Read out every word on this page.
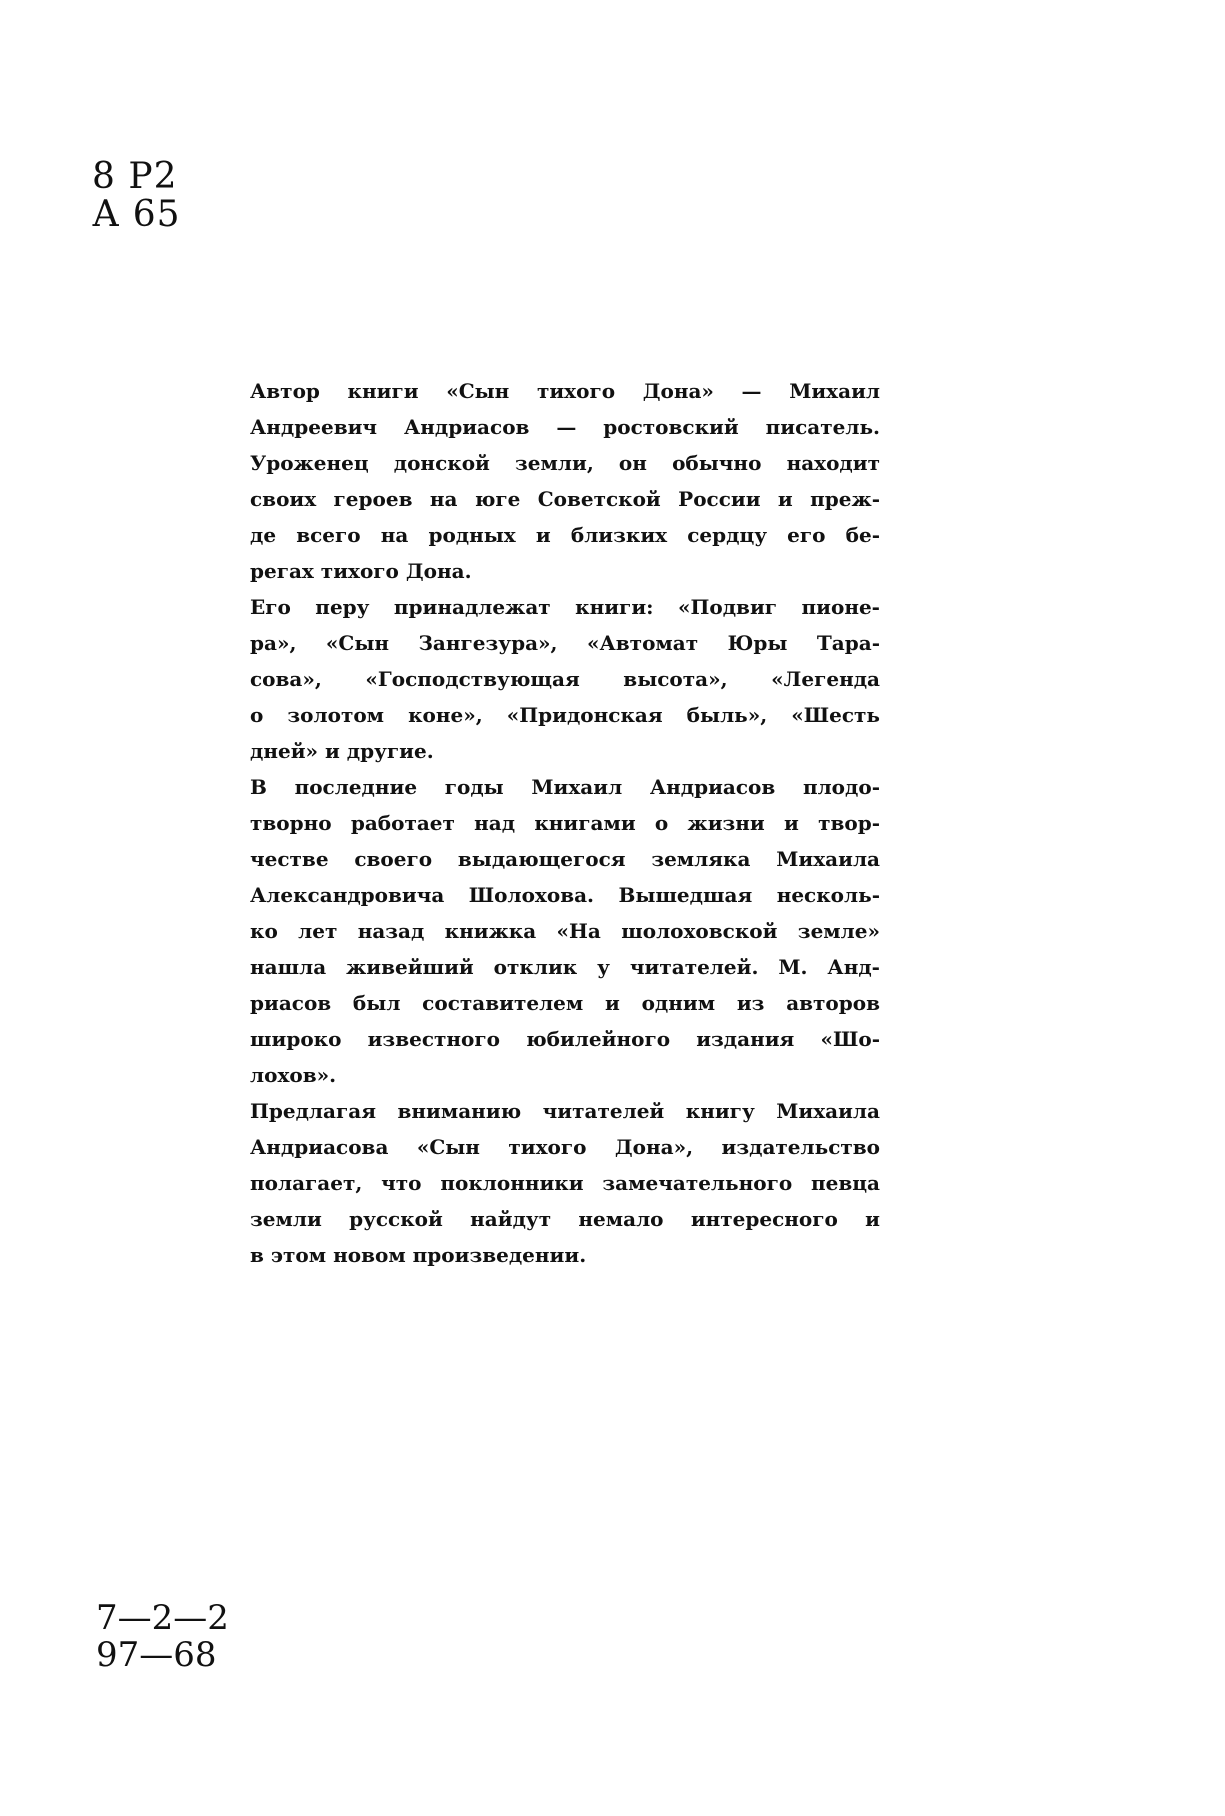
8 Р2
А 65

Автор книги «Сын тихого Дона» — Михаил
Андреевич Андриасов — ростовский писатель.
Уроженец донской земли, он обычно находит
своих героев на юге Советской России и преж-
де всего на родных и близких сердцу его бе-
регах тихого Дона.

Его перу принадлежат книги: «Подвиг пионе-
ра», «Сын Зангезура», «Автомат Юры Тара-
сова», «Господствующая высота», «Легенда
о золотом коне», «Придонская быль», «Шесть
дней» и другие.

В последние годы Михаил Андриасов плодо-
творно работает над книгами о жизни и твор-
честве своего выдающегося земляка Михаила
Александровича Шолохова. Вышедшая несколь-
ко лет назад книжка «На шолоховской земле»
нашла живейший отклик у читателей. М. Анд-
риасов был составителем и одним из авторов
широко известного юбилейного издания «Шо-
лохов».

Предлагая вниманию читателей книгу Михаила
Андриасова «Сын тихого Дона», издательство
полагает, что поклонники замечательного певца
земли русской найдут немало интересного и
в этом новом произведении.

7—2—2
97—68
